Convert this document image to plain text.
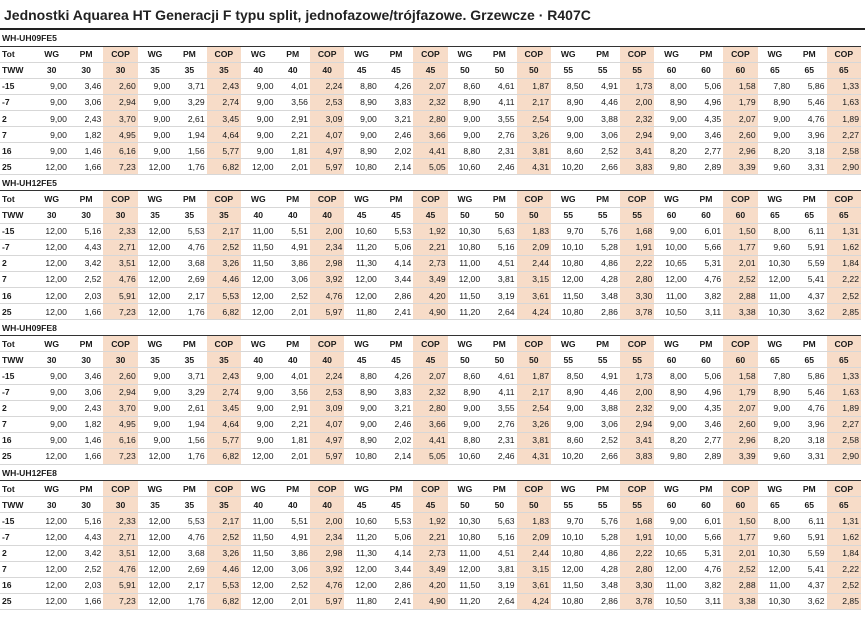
Jednostki Aquarea HT Generacji F typu split, jednofazowe/trójfazowe. Grzewcze · R407C
WH-UH09FE5																								
Tot	WG	PM	COP	WG	PM	COP	WG	PM	COP	WG	PM	COP	WG	PM	COP	WG	PM	COP	WG	PM	COP	WG	PM	COP
TWW	30	30	30	35	35	35	40	40	40	45	45	45	50	50	50	55	55	55	60	60	60	65	65	65
-15	9,00	3,46	2,60	9,00	3,71	2,43	9,00	4,01	2,24	8,80	4,26	2,07	8,60	4,61	1,87	8,50	4,91	1,73	8,00	5,06	1,58	7,80	5,86	1,33
-7	9,00	3,06	2,94	9,00	3,29	2,74	9,00	3,56	2,53	8,90	3,83	2,32	8,90	4,11	2,17	8,90	4,46	2,00	8,90	4,96	1,79	8,90	5,46	1,63
2	9,00	2,43	3,70	9,00	2,61	3,45	9,00	2,91	3,09	9,00	3,21	2,80	9,00	3,55	2,54	9,00	3,88	2,32	9,00	4,35	2,07	9,00	4,76	1,89
7	9,00	1,82	4,95	9,00	1,94	4,64	9,00	2,21	4,07	9,00	2,46	3,66	9,00	2,76	3,26	9,00	3,06	2,94	9,00	3,46	2,60	9,00	3,96	2,27
16	9,00	1,46	6,16	9,00	1,56	5,77	9,00	1,81	4,97	8,90	2,02	4,41	8,80	2,31	3,81	8,60	2,52	3,41	8,20	2,77	2,96	8,20	3,18	2,58
25	12,00	1,66	7,23	12,00	1,76	6,82	12,00	2,01	5,97	10,80	2,14	5,05	10,60	2,46	4,31	10,20	2,66	3,83	9,80	2,89	3,39	9,60	3,31	2,90
WH-UH12FE5																								
Tot	WG	PM	COP	WG	PM	COP	WG	PM	COP	WG	PM	COP	WG	PM	COP	WG	PM	COP	WG	PM	COP	WG	PM	COP
TWW	30	30	30	35	35	35	40	40	40	45	45	45	50	50	50	55	55	55	60	60	60	65	65	65
-15	12,00	5,16	2,33	12,00	5,53	2,17	11,00	5,51	2,00	10,60	5,53	1,92	10,30	5,63	1,83	9,70	5,76	1,68	9,00	6,01	1,50	8,00	6,11	1,31
-7	12,00	4,43	2,71	12,00	4,76	2,52	11,50	4,91	2,34	11,20	5,06	2,21	10,80	5,16	2,09	10,10	5,28	1,91	10,00	5,66	1,77	9,60	5,91	1,62
2	12,00	3,42	3,51	12,00	3,68	3,26	11,50	3,86	2,98	11,30	4,14	2,73	11,00	4,51	2,44	10,80	4,86	2,22	10,65	5,31	2,01	10,30	5,59	1,84
7	12,00	2,52	4,76	12,00	2,69	4,46	12,00	3,06	3,92	12,00	3,44	3,49	12,00	3,81	3,15	12,00	4,28	2,80	12,00	4,76	2,52	12,00	5,41	2,22
16	12,00	2,03	5,91	12,00	2,17	5,53	12,00	2,52	4,76	12,00	2,86	4,20	11,50	3,19	3,61	11,50	3,48	3,30	11,00	3,82	2,88	11,00	4,37	2,52
25	12,00	1,66	7,23	12,00	1,76	6,82	12,00	2,01	5,97	11,80	2,41	4,90	11,20	2,64	4,24	10,80	2,86	3,78	10,50	3,11	3,38	10,30	3,62	2,85
WH-UH09FE8																								
Tot	WG	PM	COP	WG	PM	COP	WG	PM	COP	WG	PM	COP	WG	PM	COP	WG	PM	COP	WG	PM	COP	WG	PM	COP
TWW	30	30	30	35	35	35	40	40	40	45	45	45	50	50	50	55	55	55	60	60	60	65	65	65
-15	9,00	3,46	2,60	9,00	3,71	2,43	9,00	4,01	2,24	8,80	4,26	2,07	8,60	4,61	1,87	8,50	4,91	1,73	8,00	5,06	1,58	7,80	5,86	1,33
-7	9,00	3,06	2,94	9,00	3,29	2,74	9,00	3,56	2,53	8,90	3,83	2,32	8,90	4,11	2,17	8,90	4,46	2,00	8,90	4,96	1,79	8,90	5,46	1,63
2	9,00	2,43	3,70	9,00	2,61	3,45	9,00	2,91	3,09	9,00	3,21	2,80	9,00	3,55	2,54	9,00	3,88	2,32	9,00	4,35	2,07	9,00	4,76	1,89
7	9,00	1,82	4,95	9,00	1,94	4,64	9,00	2,21	4,07	9,00	2,46	3,66	9,00	2,76	3,26	9,00	3,06	2,94	9,00	3,46	2,60	9,00	3,96	2,27
16	9,00	1,46	6,16	9,00	1,56	5,77	9,00	1,81	4,97	8,90	2,02	4,41	8,80	2,31	3,81	8,60	2,52	3,41	8,20	2,77	2,96	8,20	3,18	2,58
25	12,00	1,66	7,23	12,00	1,76	6,82	12,00	2,01	5,97	10,80	2,14	5,05	10,60	2,46	4,31	10,20	2,66	3,83	9,80	2,89	3,39	9,60	3,31	2,90
WH-UH12FE8																								
Tot	WG	PM	COP	WG	PM	COP	WG	PM	COP	WG	PM	COP	WG	PM	COP	WG	PM	COP	WG	PM	COP	WG	PM	COP
TWW	30	30	30	35	35	35	40	40	40	45	45	45	50	50	50	55	55	55	60	60	60	65	65	65
-15	12,00	5,16	2,33	12,00	5,53	2,17	11,00	5,51	2,00	10,60	5,53	1,92	10,30	5,63	1,83	9,70	5,76	1,68	9,00	6,01	1,50	8,00	6,11	1,31
-7	12,00	4,43	2,71	12,00	4,76	2,52	11,50	4,91	2,34	11,20	5,06	2,21	10,80	5,16	2,09	10,10	5,28	1,91	10,00	5,66	1,77	9,60	5,91	1,62
2	12,00	3,42	3,51	12,00	3,68	3,26	11,50	3,86	2,98	11,30	4,14	2,73	11,00	4,51	2,44	10,80	4,86	2,22	10,65	5,31	2,01	10,30	5,59	1,84
7	12,00	2,52	4,76	12,00	2,69	4,46	12,00	3,06	3,92	12,00	3,44	3,49	12,00	3,81	3,15	12,00	4,28	2,80	12,00	4,76	2,52	12,00	5,41	2,22
16	12,00	2,03	5,91	12,00	2,17	5,53	12,00	2,52	4,76	12,00	2,86	4,20	11,50	3,19	3,61	11,50	3,48	3,30	11,00	3,82	2,88	11,00	4,37	2,52
25	12,00	1,66	7,23	12,00	1,76	6,82	12,00	2,01	5,97	11,80	2,41	4,90	11,20	2,64	4,24	10,80	2,86	3,78	10,50	3,11	3,38	10,30	3,62	2,85
